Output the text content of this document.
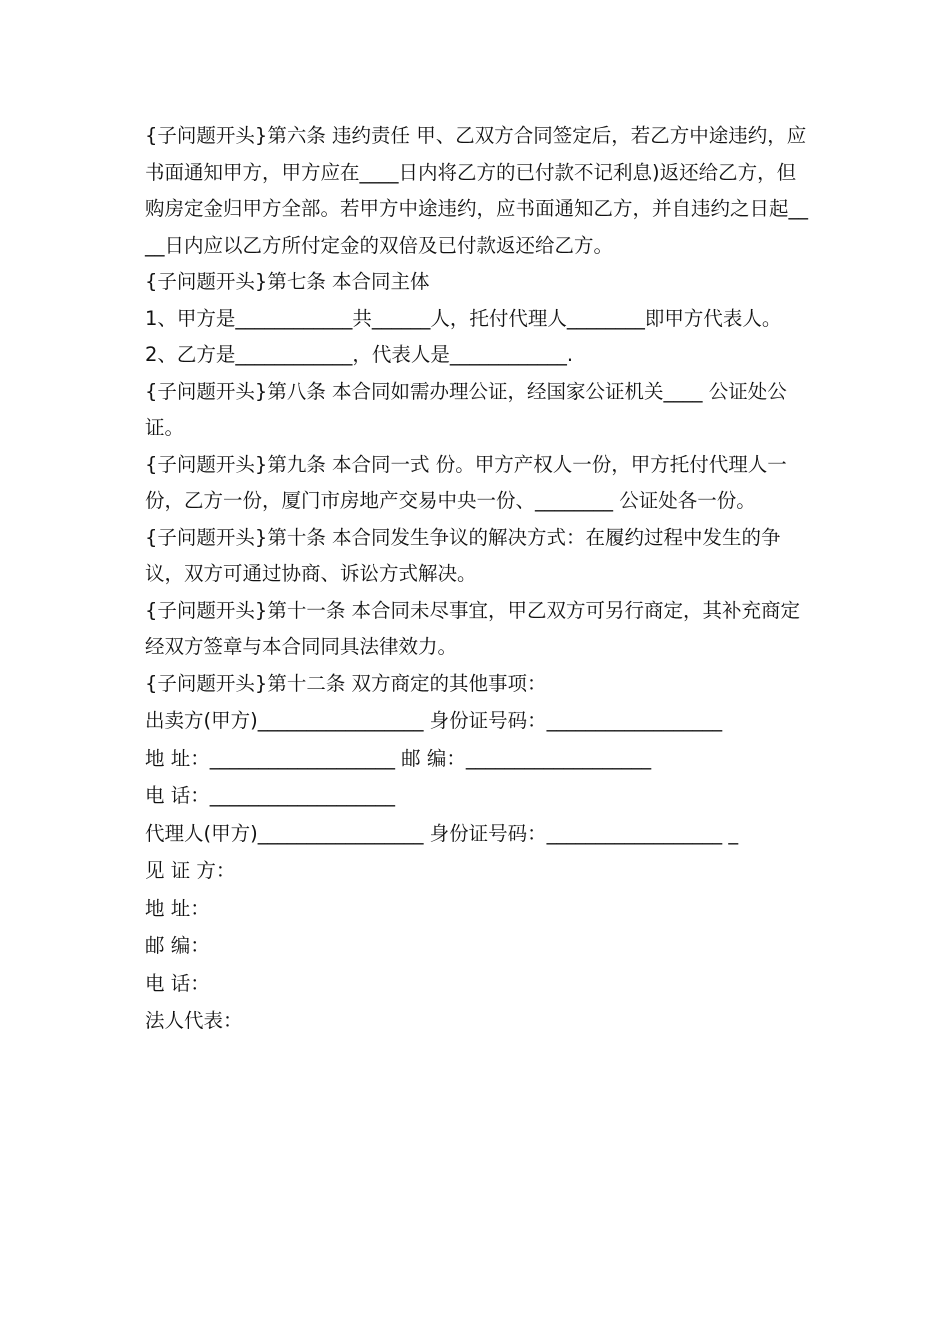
{子问题开头}第六条 违约责任 甲、乙双方合同签定后，若乙方中途违约，应书面通知甲方，甲方应在____日内将乙方的已付款不记利息)返还给乙方，但购房定金归甲方全部。若甲方中途违约，应书面通知乙方，并自违约之日起____日内应以乙方所付定金的双倍及已付款返还给乙方。

{子问题开头}第七条 本合同主体

1、甲方是____________共______人，托付代理人________即甲方代表人。

2、乙方是____________，代表人是____________.

{子问题开头}第八条 本合同如需办理公证，经国家公证机关____ 公证处公证。

{子问题开头}第九条 本合同一式 份。甲方产权人一份，甲方托付代理人一份，乙方一份，厦门市房地产交易中央一份、________ 公证处各一份。

{子问题开头}第十条 本合同发生争议的解决方式：在履约过程中发生的争议，双方可通过协商、诉讼方式解决。

{子问题开头}第十一条 本合同未尽事宜，甲乙双方可另行商定，其补充商定经双方签章与本合同同具法律效力。

{子问题开头}第十二条 双方商定的其他事项：

出卖方(甲方)_________________ 身份证号码：__________________

地 址：___________________ 邮 编：___________________

电 话：___________________

代理人(甲方)_________________ 身份证号码：__________________ _

见 证 方：

地 址：

邮 编：

电 话：

法人代表：
